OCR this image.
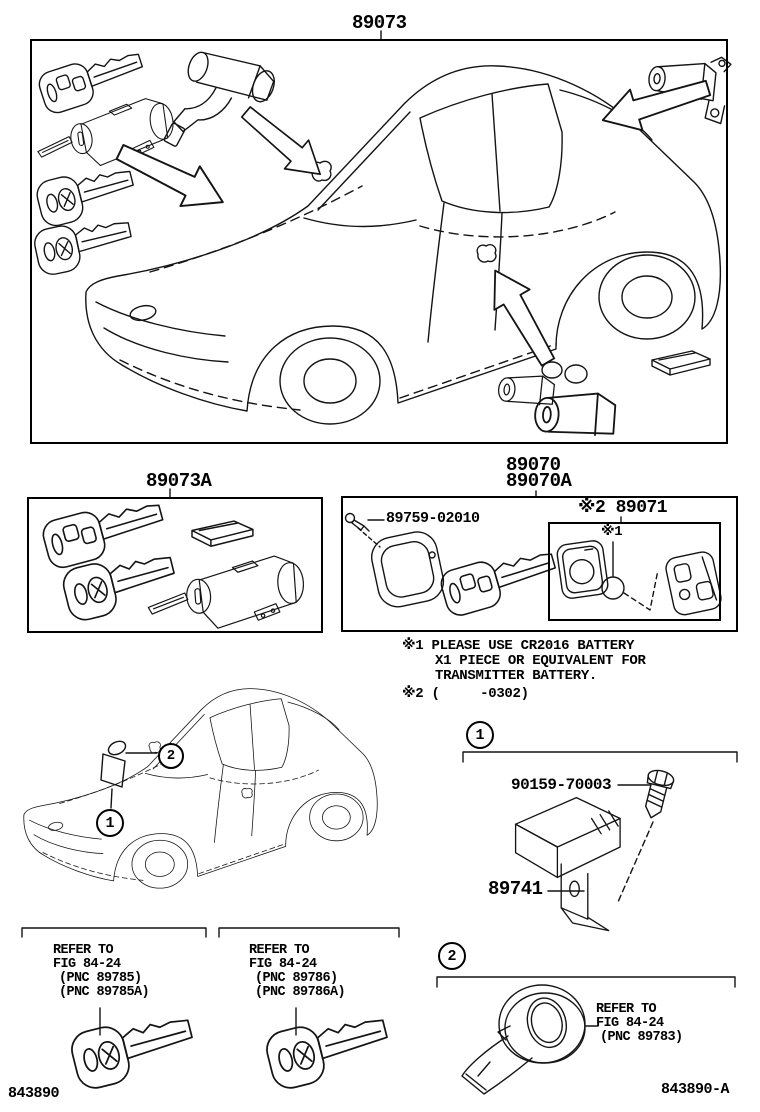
89073
89073A
89070
89070A
89759-02010
※2 89071
※1
※1 PLEASE USE CR2016 BATTERY
X1 PIECE OR EQUIVALENT FOR
TRANSMITTER BATTERY.
※2 (     -0302)
2
1
1
2
90159-70003
89741
REFER TO
FIG 84-24
(PNC 89785)
(PNC 89785A)
REFER TO
FIG 84-24
(PNC 89786)
(PNC 89786A)
REFER TO
FIG 84-24
(PNC 89783)
843890	843890-A
